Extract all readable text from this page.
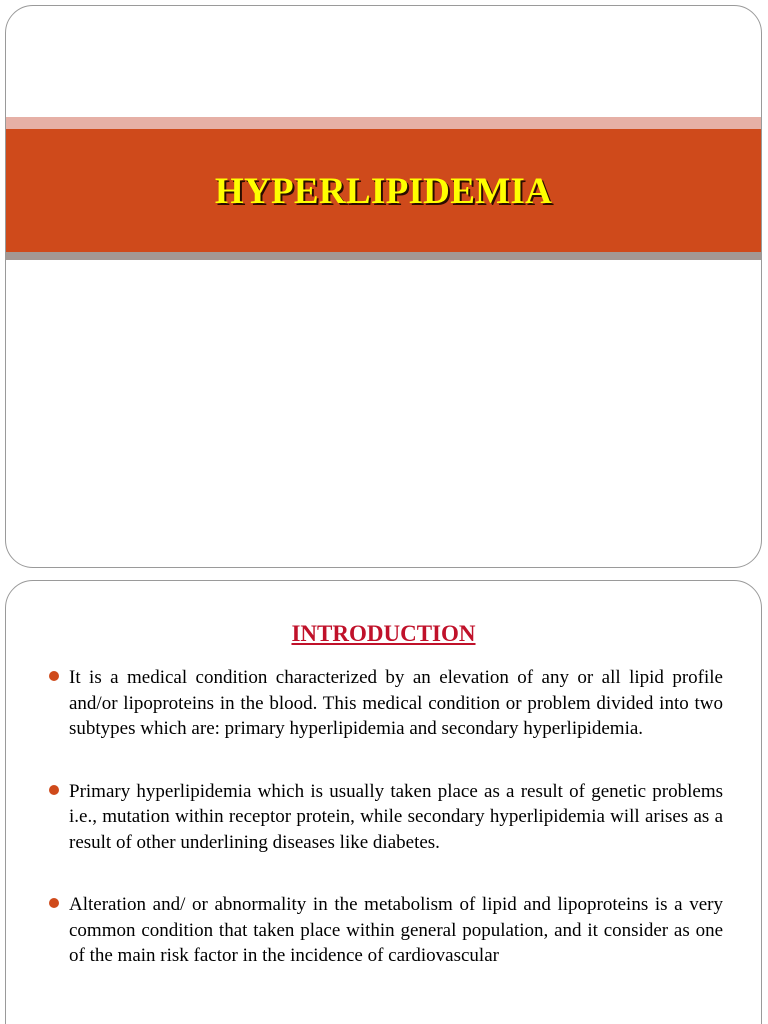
HYPERLIPIDEMIA
INTRODUCTION
It is a medical condition characterized by an elevation of any or all lipid profile and/or lipoproteins in the blood. This medical condition or problem divided into two subtypes which are: primary hyperlipidemia and secondary hyperlipidemia.
Primary hyperlipidemia which is usually taken place as a result of genetic problems i.e., mutation within receptor protein, while secondary hyperlipidemia will arises as a result of other underlining diseases like diabetes.
Alteration and/ or abnormality in the metabolism of lipid and lipoproteins is a very common condition that taken place within general population, and it consider as one of the main risk factor in the incidence of cardiovascular
